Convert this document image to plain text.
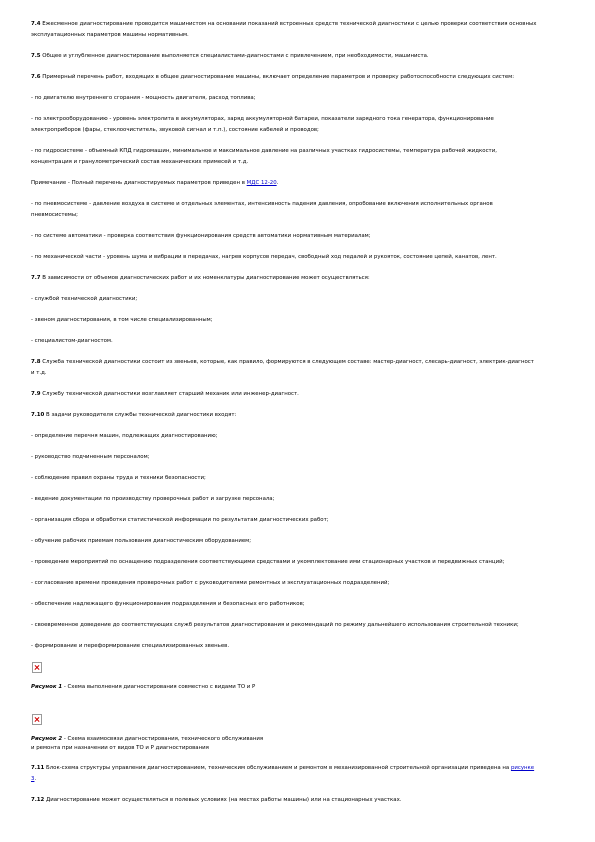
7.4 Ежесменное диагностирование проводится машинистом на основании показаний встроенных средств технической диагностики с целью проверки соответствия основных эксплуатационных параметров машины нормативным.

7.5 Общее и углубленное диагностирование выполняется специалистами-диагностами с привлечением, при необходимости, машиниста.

7.6 Примерный перечень работ, входящих в общее диагностирование машины, включает определение параметров и проверку работоспособности следующих систем:

- по двигателю внутреннего сгорания - мощность двигателя, расход топлива;

- по электрооборудованию - уровень электролита в аккумуляторах, заряд аккумуляторной батареи, показатели зарядного тока генератора, функционирование электроприборов (фары, стеклоочиститель, звуковой сигнал и т.п.), состояние кабелей и проводов;

- по гидросистеме - объемный КПД гидромашин, минимальное и максимальное давление на различных участках гидросистемы, температура рабочей жидкости, концентрация и гранулометрический состав механических примесей и т.д.

Примечание - Полный перечень диагностируемых параметров приведен в МДС 12-20.

- по пневмосистеме - давление воздуха в системе и отдельных элементах, интенсивность падения давления, опробование включения исполнительных органов пневмосистемы;

- по системе автоматики - проверка соответствия функционирования средств автоматики нормативным материалам;

- по механической части - уровень шума и вибрации в передачах, нагрев корпусов передач, свободный ход педалей и рукояток, состояние цепей, канатов, лент.

7.7 В зависимости от объемов диагностических работ и их номенклатуры диагностирование может осуществляться:

- службой технической диагностики;

- звеном диагностирования, в том числе специализированным;

- специалистом-диагностом.

7.8 Служба технической диагностики состоит из звеньев, которые, как правило, формируются в следующем составе: мастер-диагност, слесарь-диагност, электрик-диагност и т.д.

7.9 Службу технической диагностики возглавляет старший механик или инженер-диагност.

7.10 В задачи руководителя службы технической диагностики входят:

- определение перечня машин, подлежащих диагностированию;

- руководство подчиненным персоналом;

- соблюдение правил охраны труда и техники безопасности;

- ведение документации по производству проверочных работ и загрузке персонала;

- организация сбора и обработки статистической информации по результатам диагностических работ;

- обучение рабочих приемам пользования диагностическим оборудованием;

- проведение мероприятий по оснащению подразделения соответствующими средствами и укомплектование ими стационарных участков и передвижных станций;

- согласование времени проведения проверочных работ с руководителями ремонтных и эксплуатационных подразделений;

- обеспечение надлежащего функционирования подразделения и безопасных его работников;

- своевременное доведение до соответствующих служб результатов диагностирования и рекомендаций по режиму дальнейшего использования строительной техники;

- формирование и переформирование специализированных звеньев.

Рисунок 1 - Схема выполнения диагностирования совместно с видами ТО и Р

Рисунок 2 - Схема взаимосвязи диагностирования, технического обслуживания
и ремонта при назначении от видов ТО и Р диагностирования

7.11 Блок-схема структуры управления диагностированием, техническим обслуживанием и ремонтом в механизированной строительной организации приведена на рисунке 3.

7.12 Диагностирование может осуществляться в полевых условиях (на местах работы машины) или на стационарных участках.
